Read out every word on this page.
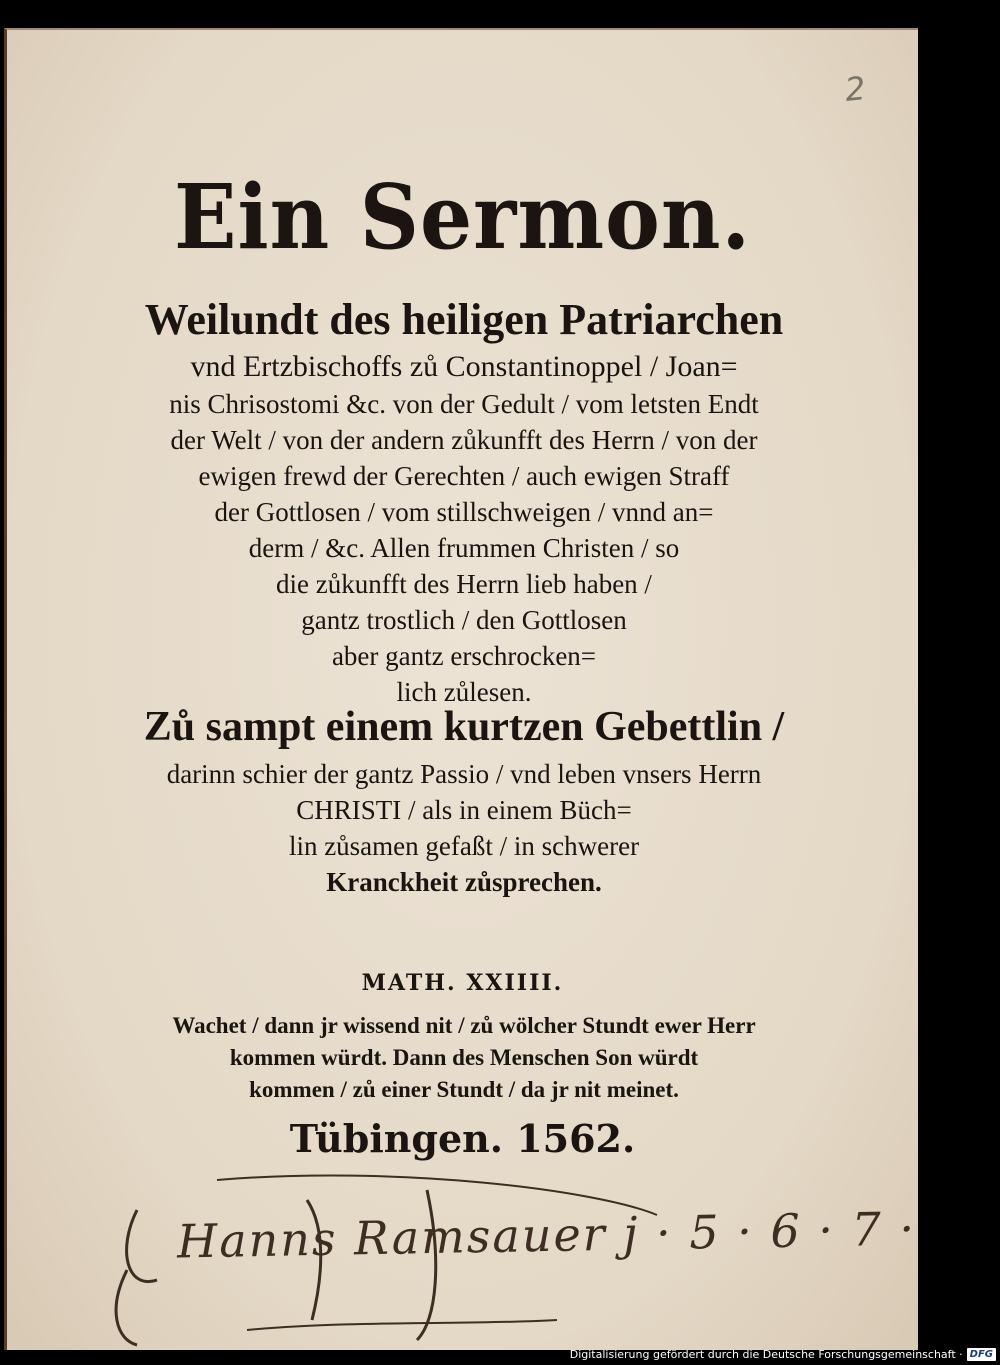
2
Ein Sermon.
Weilundt des heiligen Patriarchen
vnd Ertzbischoffs zů Constantinoppel / Joan=
nis Chrisostomi &c. von der Gedult / vom letsten Endt
der Welt / von der andern zůkunfft des Herrn / von der
ewigen frewd der Gerechten / auch ewigen Straff
der Gottlosen / vom stillschweigen / vnnd an=
derm / &c. Allen frummen Christen / so
die zůkunfft des Herrn lieb haben /
gantz trostlich / den Gottlosen
aber gantz erschrocken=
lich zůlesen.
Zů sampt einem kurtzen Gebettlin /
darinn schier der gantz Passio / vnd leben vnsers Herrn
CHRISTI / als in einem Büch=
lin zůsamen gefaßt / in schwerer
Kranckheit zůsprechen.
MATH. XXIIII.
Wachet / dann jr wissend nit / zů wölcher Stundt ewer Herr
kommen würdt. Dann des Menschen Son würdt
kommen / zů einer Stundt / da jr nit meinet.
Tübingen. 1562.
Hanns Ramsauer j · 5 · 6 · 7 ·
Digitalisierung gefördert durch die Deutsche Forschungsgemeinschaft · DFG
